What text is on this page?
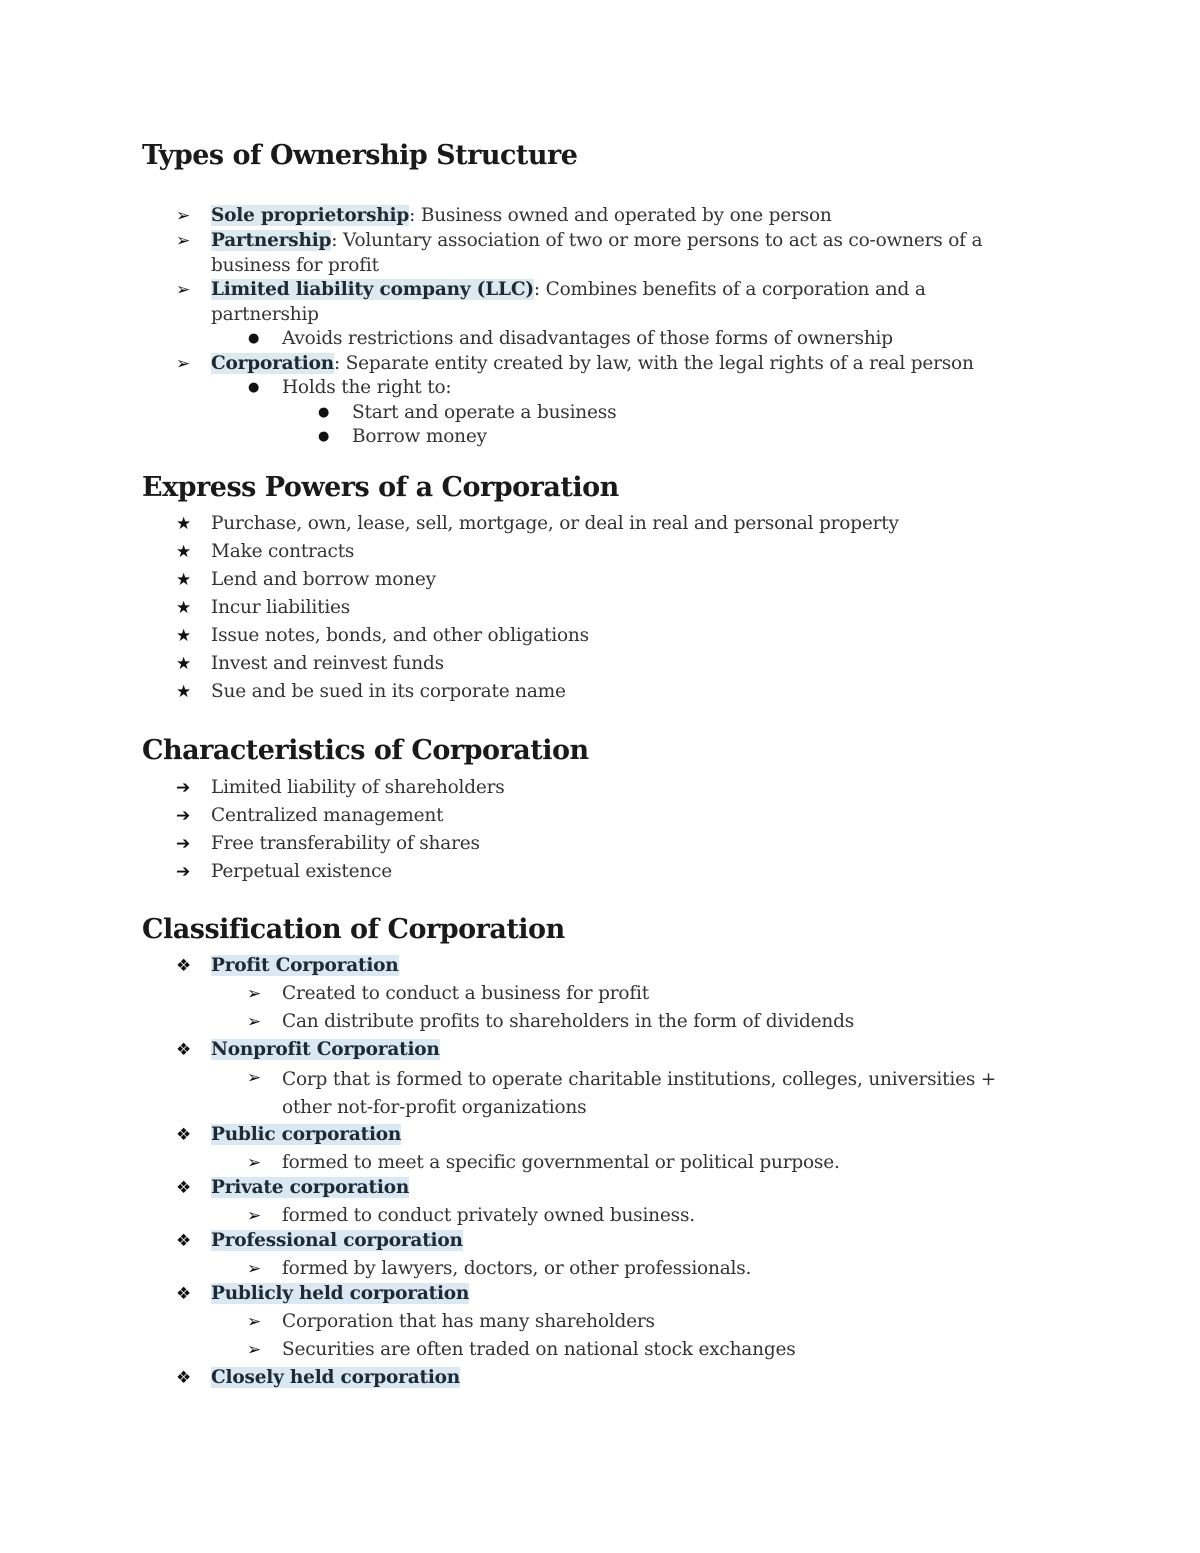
Types of Ownership Structure
➢ Sole proprietorship: Business owned and operated by one person
➢ Partnership: Voluntary association of two or more persons to act as co-owners of a business for profit
➢ Limited liability company (LLC): Combines benefits of a corporation and a partnership
● Avoids restrictions and disadvantages of those forms of ownership
➢ Corporation: Separate entity created by law, with the legal rights of a real person
● Holds the right to:
● Start and operate a business
● Borrow money
Express Powers of a Corporation
★ Purchase, own, lease, sell, mortgage, or deal in real and personal property
★ Make contracts
★ Lend and borrow money
★ Incur liabilities
★ Issue notes, bonds, and other obligations
★ Invest and reinvest funds
★ Sue and be sued in its corporate name
Characteristics of Corporation
➔ Limited liability of shareholders
➔ Centralized management
➔ Free transferability of shares
➔ Perpetual existence
Classification of Corporation
❖ Profit Corporation
➢ Created to conduct a business for profit
➢ Can distribute profits to shareholders in the form of dividends
❖ Nonprofit Corporation
➢ Corp that is formed to operate charitable institutions, colleges, universities + other not-for-profit organizations
❖ Public corporation
➢ formed to meet a specific governmental or political purpose.
❖ Private corporation
➢ formed to conduct privately owned business.
❖ Professional corporation
➢ formed by lawyers, doctors, or other professionals.
❖ Publicly held corporation
➢ Corporation that has many shareholders
➢ Securities are often traded on national stock exchanges
❖ Closely held corporation
